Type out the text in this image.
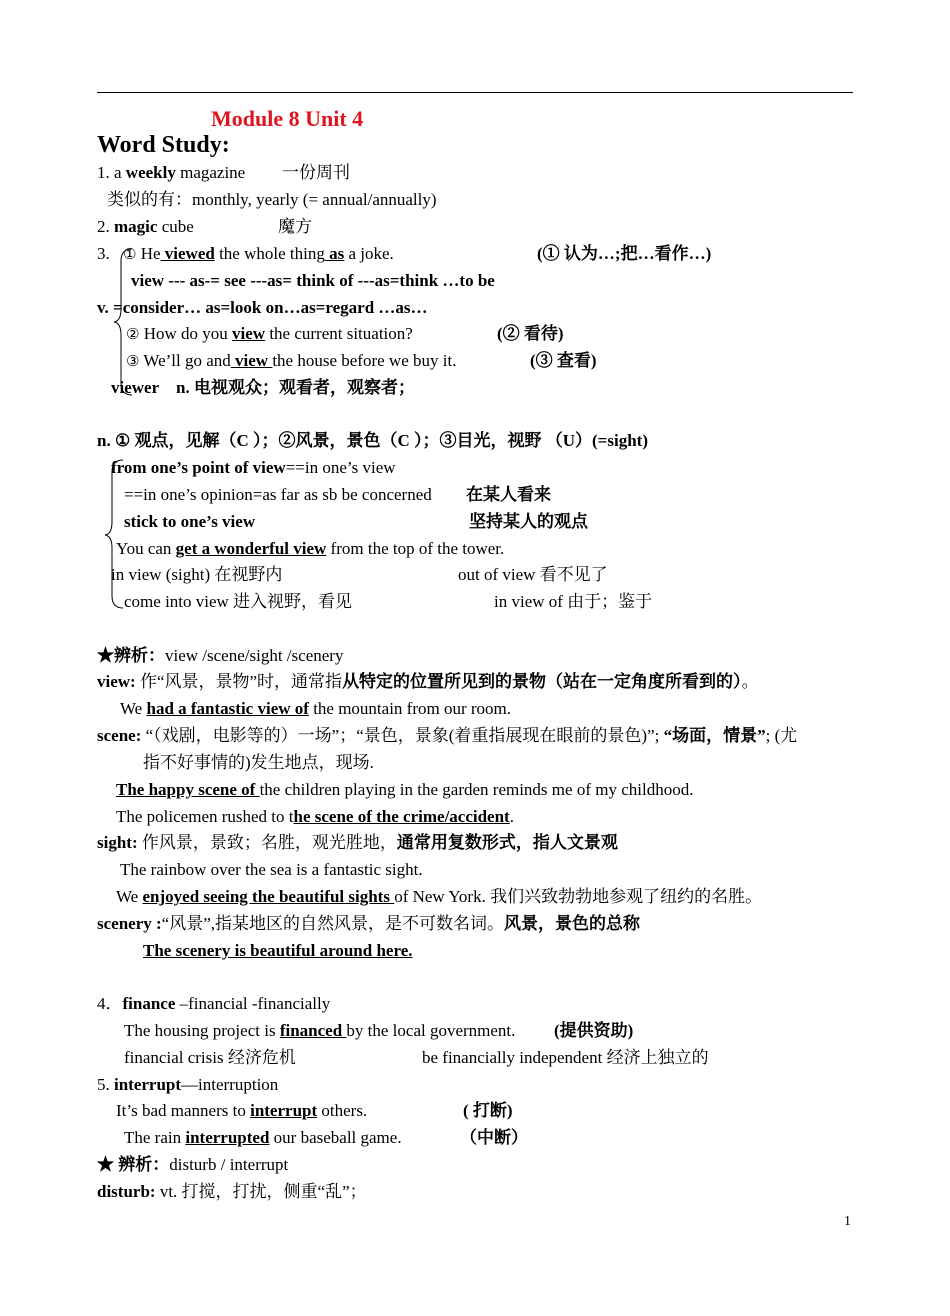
Module 8 Unit 4
Word Study:
1. a weekly magazine 一份周刊
类似的有：monthly, yearly (= annual/annually)
2. magic cube	魔方
3. ① He viewed the whole thing as a joke.	(① 认为…;把…看作…)
view --- as-= see ---as= think of ---as=think …to be
v. =consider… as=look on…as=regard …as…
② How do you view the current situation?	(② 看待)
③ We’ll go and view the house before we buy it.	(③ 查看)
viewer n. 电视观众；观看者，观察者；
n. ① 观点，见解（C ）；②风景，景色（C ）；③目光，视野 （U）(=sight)
from one’s point of view==in one’s view
==in one’s opinion=as far as sb be concerned 在某人看来
stick to one’s view	坚持某人的观点
You can get a wonderful view from the top of the tower.
in view (sight) 在视野内	out of view 看不见了
come into view 进入视野，看见	in view of 由于；鉴于
★辨析：view /scene/sight /scenery
view: 作“风景，景物”时，通常指从特定的位置所见到的景物（站在一定角度所看到的）。
We had a fantastic view of the mountain from our room.
scene: “（戏剧，电影等的）一场”；“景色，景象(着重指展现在眼前的景色)”; “场面，情景”; (尤
指不好事情的)发生地点，现场.
The happy scene of the children playing in the garden reminds me of my childhood.
The policemen rushed to the scene of the crime/accident.
sight: 作风景，景致；名胜，观光胜地，通常用复数形式，指人文景观
The rainbow over the sea is a fantastic sight.
We enjoyed seeing the beautiful sights of New York. 我们兴致勃勃地参观了纽约的名胜。
scenery :“风景”,指某地区的自然风景，是不可数名词。风景，景色的总称
The scenery is beautiful around here.
4．finance –financial -financially
The housing project is financed by the local government. (提供资助)
financial crisis 经济危机	be financially independent 经济上独立的
5. interrupt—interruption
It’s bad manners to interrupt others.	( 打断)
The rain interrupted our baseball game.	（中断）
★ 辨析：disturb / interrupt
disturb: vt. 打搅，打扰，侧重“乱”；
1
